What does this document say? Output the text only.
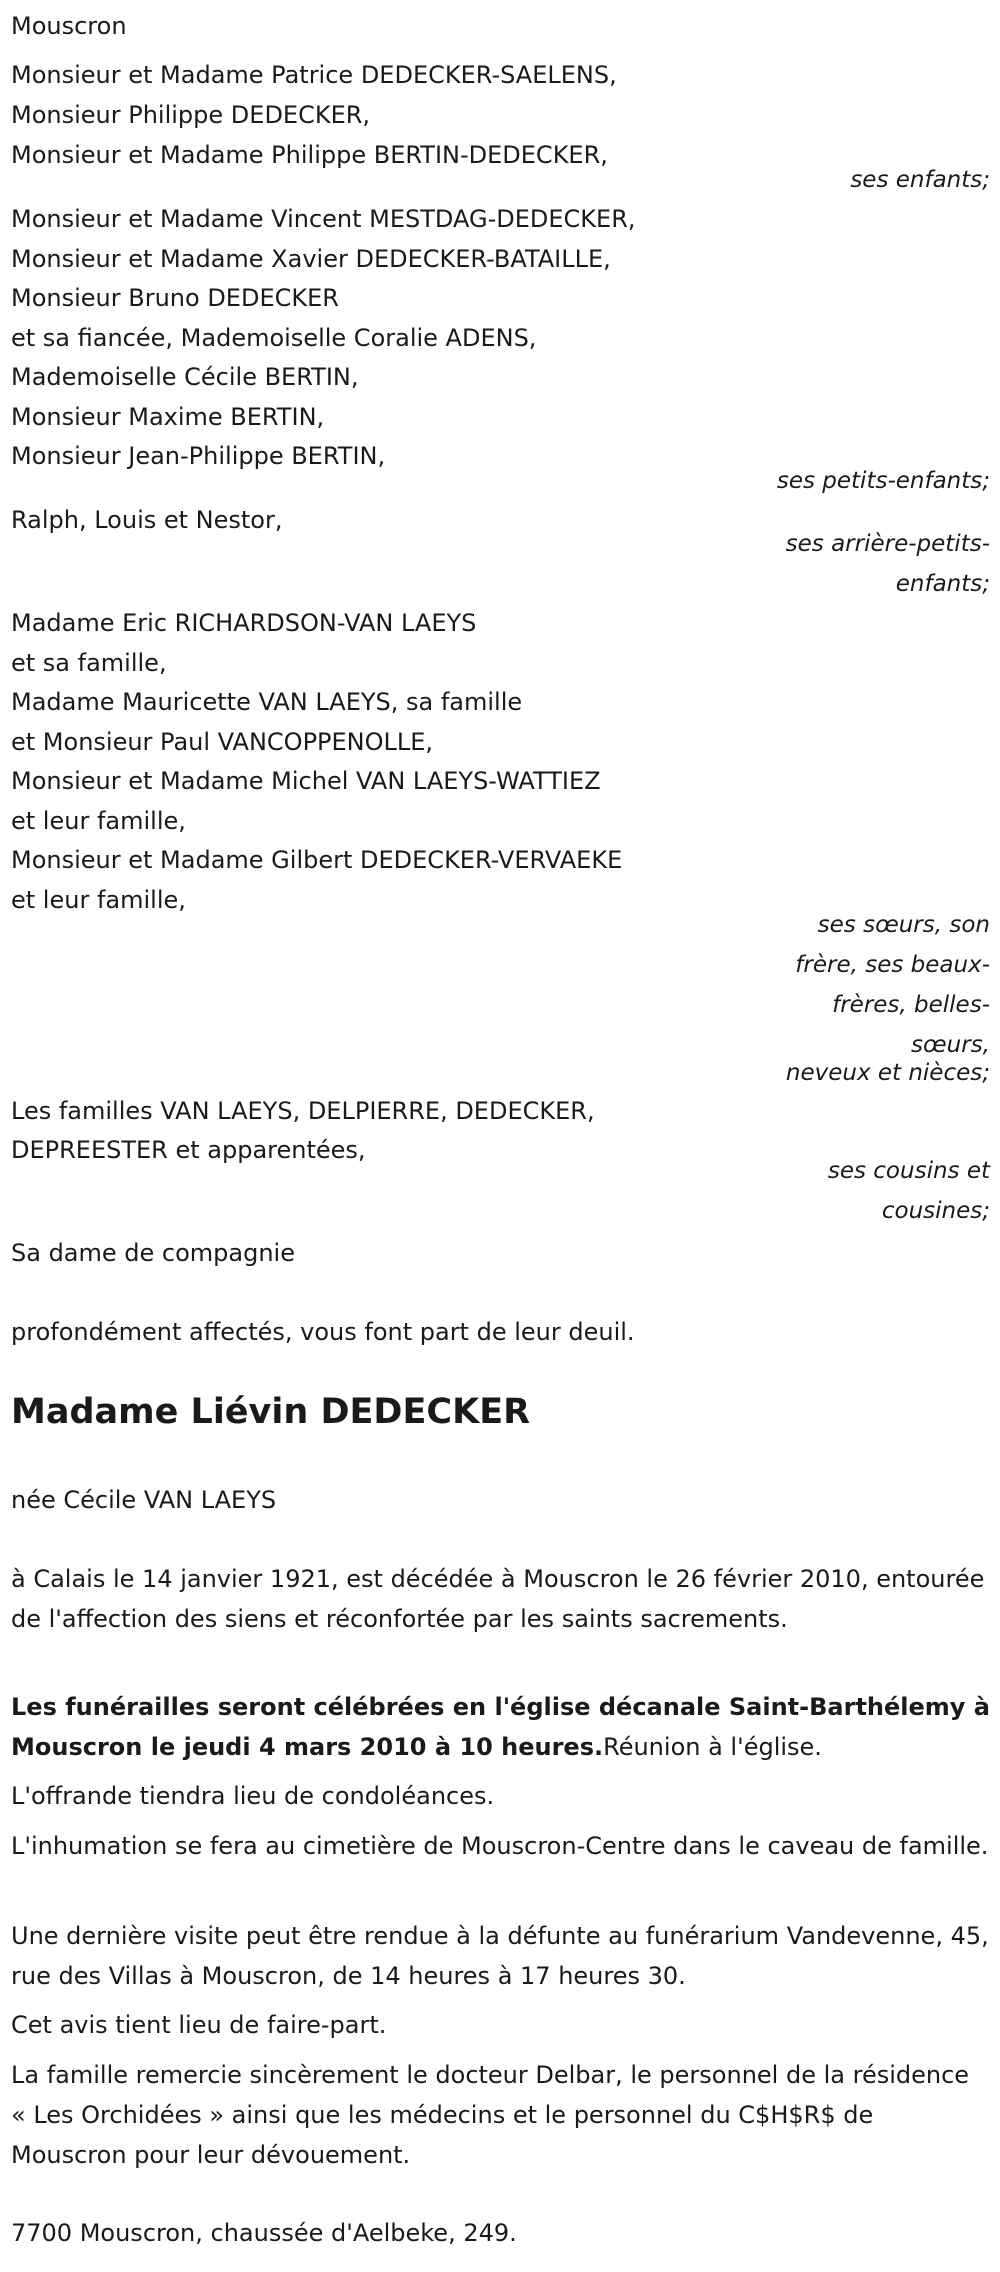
Mouscron

Monsieur et Madame Patrice DEDECKER-SAELENS,

Monsieur Philippe DEDECKER,

Monsieur et Madame Philippe BERTIN-DEDECKER,

ses enfants;

Monsieur et Madame Vincent MESTDAG-DEDECKER,

Monsieur et Madame Xavier DEDECKER-BATAILLE,

Monsieur Bruno DEDECKER

et sa fiancée, Mademoiselle Coralie ADENS,

Mademoiselle Cécile BERTIN,

Monsieur Maxime BERTIN,

Monsieur Jean-Philippe BERTIN,

ses petits-enfants;

Ralph, Louis et Nestor,

ses arrière-petits-
enfants;

Madame Eric RICHARDSON-VAN LAEYS

et sa famille,

Madame Mauricette VAN LAEYS, sa famille

et Monsieur Paul VANCOPPENOLLE,

Monsieur et Madame Michel VAN LAEYS-WATTIEZ

et leur famille,

Monsieur et Madame Gilbert DEDECKER-VERVAEKE

et leur famille,

ses sœurs, son
frère, ses beaux-
frères, belles-
sœurs,

neveux et nièces;

Les familles VAN LAEYS, DELPIERRE, DEDECKER,

DEPREESTER et apparentées,

ses cousins et
cousines;

Sa dame de compagnie

profondément affectés, vous font part de leur deuil.

Madame Liévin DEDECKER

née Cécile VAN LAEYS

à Calais le 14 janvier 1921, est décédée à Mouscron le 26 février 2010, entourée de l'affection des siens et réconfortée par les saints sacrements.

Les funérailles seront célébrées en l'église décanale Saint-Barthélemy à Mouscron le jeudi 4 mars 2010 à 10 heures.Réunion à l'église.

L'offrande tiendra lieu de condoléances.

L'inhumation se fera au cimetière de Mouscron-Centre dans le caveau de famille.

Une dernière visite peut être rendue à la défunte au funérarium Vandevenne, 45, rue des Villas à Mouscron, de 14 heures à 17 heures 30.

Cet avis tient lieu de faire-part.

La famille remercie sincèrement le docteur Delbar, le personnel de la résidence « Les Orchidées » ainsi que les médecins et le personnel du C$H$R$ de Mouscron pour leur dévouement.

7700 Mouscron, chaussée d'Aelbeke, 249.
